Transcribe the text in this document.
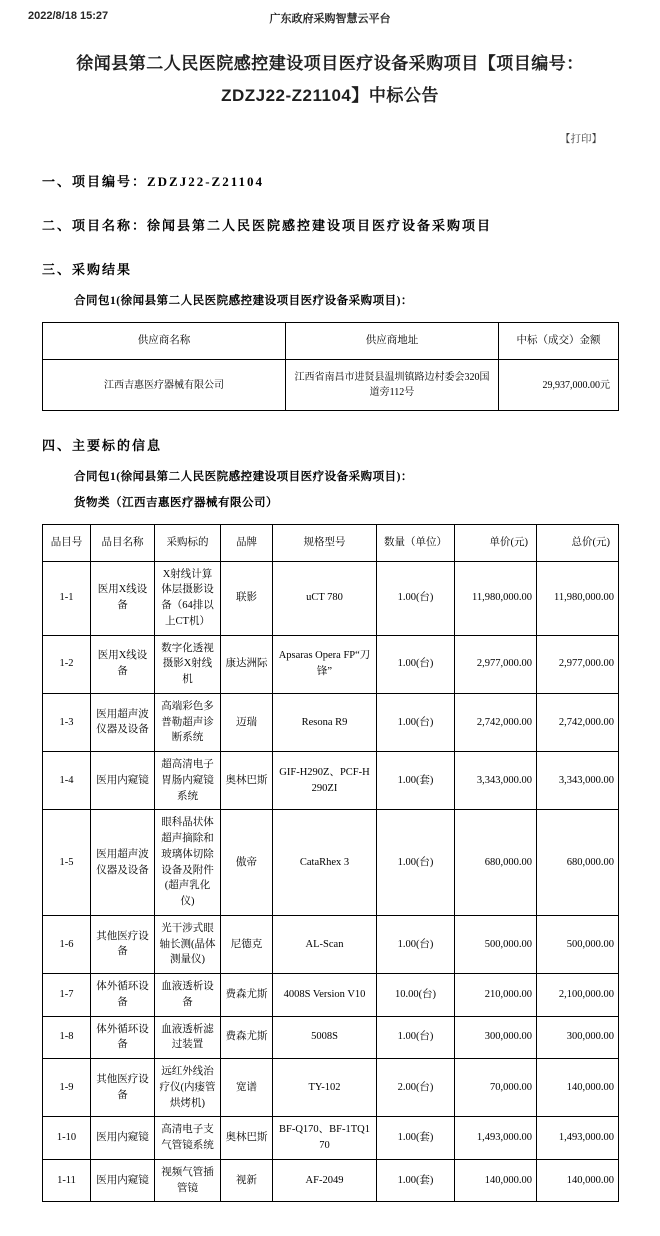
2022/8/18 15:27	广东政府采购智慧云平台
徐闻县第二人民医院感控建设项目医疗设备采购项目【项目编号：ZDZJ22-Z21104】中标公告
【打印】
一、项目编号：ZDZJ22-Z21104
二、项目名称：徐闻县第二人民医院感控建设项目医疗设备采购项目
三、采购结果
合同包1(徐闻县第二人民医院感控建设项目医疗设备采购项目)：
供应商名称	供应商地址	中标（成交）金额
江西吉惠医疗器械有限公司	江西省南昌市进贤县温圳镇路边村委会320国道旁112号	29,937,000.00元
四、主要标的信息
合同包1(徐闻县第二人民医院感控建设项目医疗设备采购项目)：
货物类（江西吉惠医疗器械有限公司）
品目号	品目名称	采购标的	品牌	规格型号	数量（单位）	单价(元)	总价(元)
1-1	医用X线设备	X射线计算体层摄影设备（64排以上CT机）	联影	uCT 780	1.00(台)	11,980,000.00	11,980,000.00
1-2	医用X线设备	数字化透视摄影X射线机	康达洲际	Apsaras Opera FP“刀锋”	1.00(台)	2,977,000.00	2,977,000.00
1-3	医用超声波仪器及设备	高端彩色多普勒超声诊断系统	迈瑞	Resona R9	1.00(台)	2,742,000.00	2,742,000.00
1-4	医用内窥镜	超高清电子胃肠内窥镜系统	奥林巴斯	GIF-H290Z、PCF-H290ZI	1.00(套)	3,343,000.00	3,343,000.00
1-5	医用超声波仪器及设备	眼科晶状体超声摘除和玻璃体切除设备及附件(超声乳化仪)	傲帝	CataRhex 3	1.00(台)	680,000.00	680,000.00
1-6	其他医疗设备	光干涉式眼轴长测(晶体测量仪)	尼德克	AL-Scan	1.00(台)	500,000.00	500,000.00
1-7	体外循环设备	血液透析设备	费森尤斯	4008S Version V10	10.00(台)	210,000.00	2,100,000.00
1-8	体外循环设备	血液透析滤过装置	费森尤斯	5008S	1.00(台)	300,000.00	300,000.00
1-9	其他医疗设备	远红外线治疗仪(内瘘管烘烤机)	宽谱	TY-102	2.00(台)	70,000.00	140,000.00
1-10	医用内窥镜	高清电子支气管镜系统	奥林巴斯	BF-Q170、BF-1TQ170	1.00(套)	1,493,000.00	1,493,000.00
1-11	医用内窥镜	视频气管插管镜	视新	AF-2049	1.00(套)	140,000.00	140,000.00
